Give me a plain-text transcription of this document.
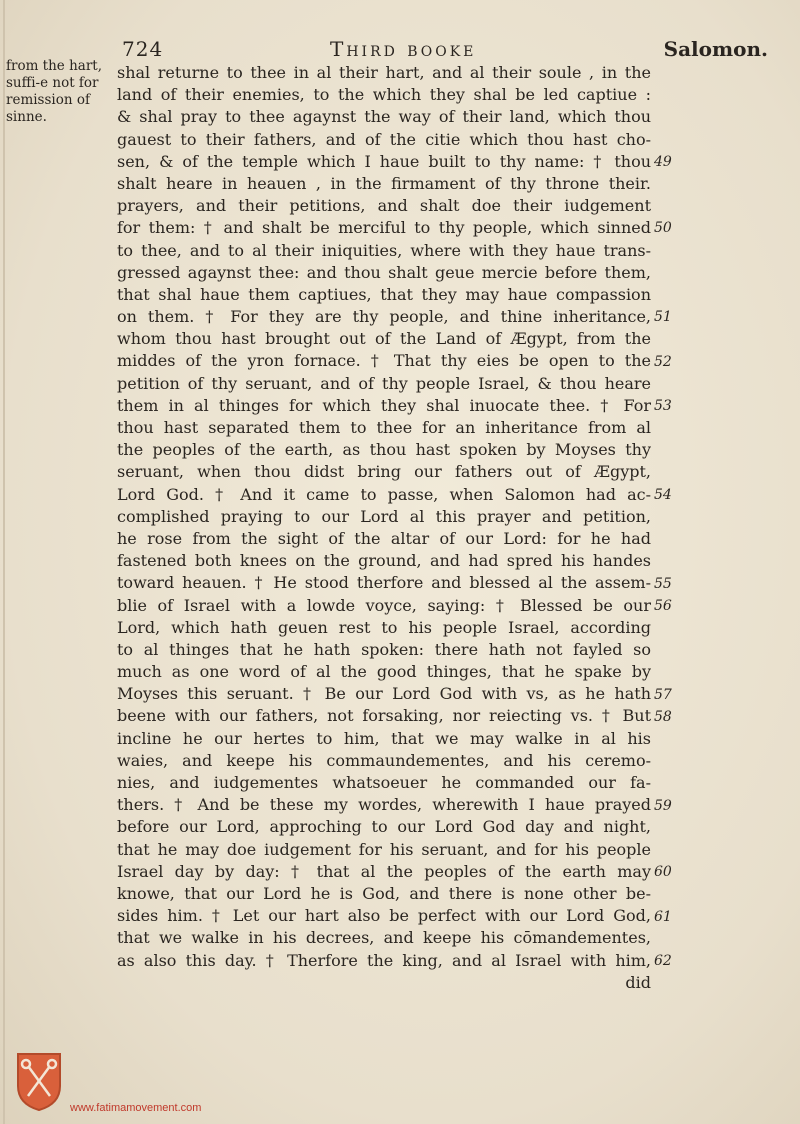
724	Third booke	Salomon.
from the hart,
suffi-e not for
remission of
sinne.
shal returne to thee in al their hart, and al their soule , in the
land of their enemies, to the which they shal be led captiue :
& shal pray to thee agaynst the way of their land, which thou
gauest to their fathers, and of the citie which thou hast cho-
sen, & of the temple which I haue built to thy name: † thou
shalt heare in heauen , in the firmament of thy throne their.
prayers, and their petitions, and shalt doe their iudgement
for them: † and shalt be merciful to thy people, which sinned
to thee, and to al their iniquities, where with they haue trans-
gressed agaynst thee: and thou shalt geue mercie before them,
that shal haue them captiues, that they may haue compassion
on them. † For they are thy people, and thine inheritance,
whom thou hast brought out of the Land of Ægypt, from the
middes of the yron fornace. † That thy eies be open to the
petition of thy seruant, and of thy people Israel, & thou heare
them in al thinges for which they shal inuocate thee. † For
thou hast separated them to thee for an inheritance from al
the peoples of the earth, as thou hast spoken by Moyses thy
seruant, when thou didst bring our fathers out of Ægypt,
Lord God. † And it came to passe, when Salomon had ac-
complished praying to our Lord al this prayer and petition,
he rose from the sight of the altar of our Lord: for he had
fastened both knees on the ground, and had spred his handes
toward heauen. † He stood therfore and blessed al the assem-
blie of Israel with a lowde voyce, saying: † Blessed be our
Lord, which hath geuen rest to his people Israel, according
to al thinges that he hath spoken: there hath not fayled so
much as one word of al the good thinges, that he spake by
Moyses this seruant. † Be our Lord God with vs, as he hath
beene with our fathers, not forsaking, nor reiecting vs. † But
incline he our hertes to him, that we may walke in al his
waies, and keepe his commaundementes, and his ceremo-
nies, and iudgementes whatsoeuer he commanded our fa-
thers. † And be these my wordes, wherewith I haue prayed
before our Lord, approching to our Lord God day and night,
that he may doe iudgement for his seruant, and for his people
Israel day by day: † that al the peoples of the earth may
knowe, that our Lord he is God, and there is none other be-
sides him. † Let our hart also be perfect with our Lord God,
that we walke in his decrees, and keepe his cōmandementes,
as also this day. † Therfore the king, and al Israel with him,
did
49
50
51
52
53
54
55
56
57
58
59
60
61
62
www.fatimamovement.com
